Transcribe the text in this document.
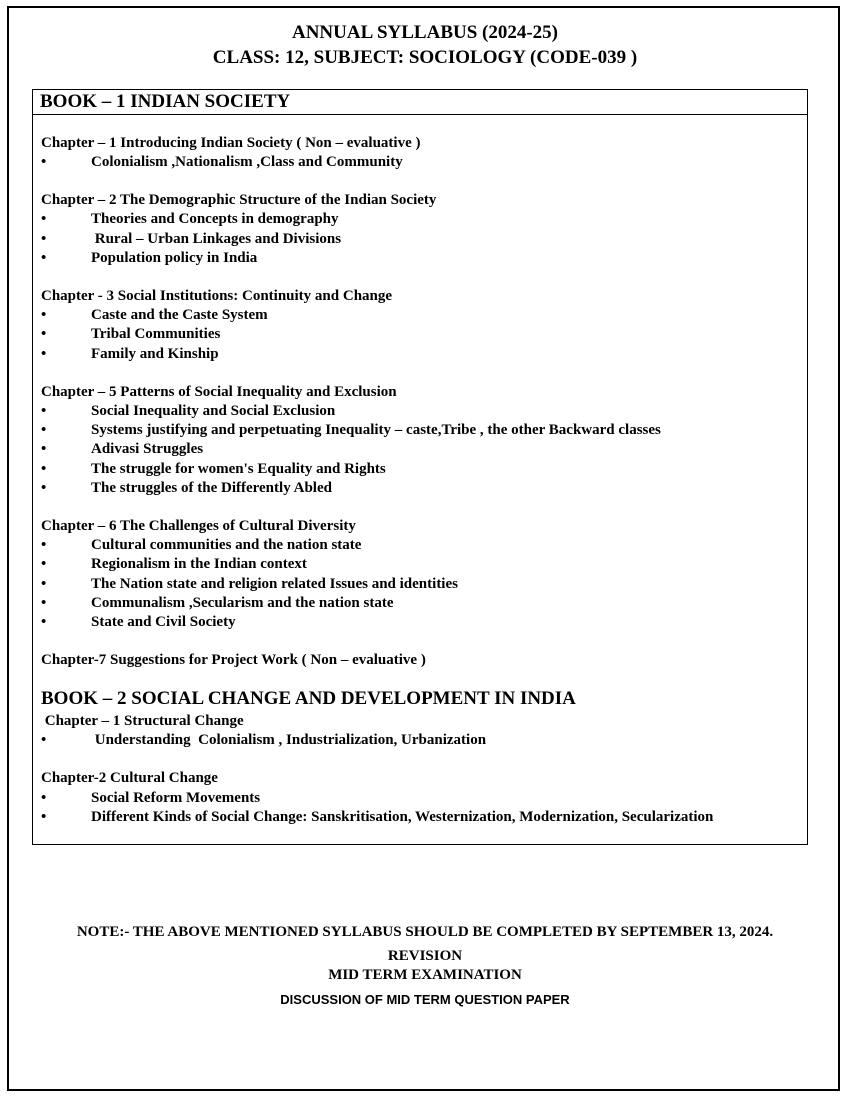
ANNUAL SYLLABUS (2024-25)
CLASS: 12, SUBJECT: SOCIOLOGY (CODE-039 )
BOOK – 1 INDIAN SOCIETY
Chapter – 1 Introducing Indian Society ( Non – evaluative )
•	Colonialism ,Nationalism ,Class and Community
Chapter – 2 The Demographic Structure of the Indian Society
•	Theories and Concepts in demography
•	Rural – Urban Linkages and Divisions
•	Population policy in India
Chapter - 3 Social Institutions: Continuity and Change
•	Caste and the Caste System
•	Tribal Communities
•	Family and Kinship
Chapter – 5 Patterns of Social Inequality and Exclusion
•	Social Inequality and Social Exclusion
•	Systems justifying and perpetuating Inequality – caste,Tribe , the other Backward classes
•	Adivasi Struggles
•	The struggle for women's Equality and Rights
•	The struggles of the Differently Abled
Chapter – 6 The Challenges of Cultural Diversity
•	Cultural communities and the nation state
•	Regionalism in the Indian context
•	The Nation state and religion related Issues and identities
•	Communalism ,Secularism and the nation state
•	State and Civil Society
Chapter-7 Suggestions for Project Work ( Non – evaluative )
BOOK – 2 SOCIAL CHANGE AND DEVELOPMENT IN INDIA
Chapter – 1 Structural Change
•	Understanding  Colonialism , Industrialization, Urbanization
Chapter-2 Cultural Change
•	Social Reform Movements
•	Different Kinds of Social Change: Sanskritisation, Westernization, Modernization, Secularization
NOTE:- THE ABOVE MENTIONED SYLLABUS SHOULD BE COMPLETED BY SEPTEMBER 13, 2024.
REVISION
MID TERM EXAMINATION
DISCUSSION OF MID TERM QUESTION PAPER
